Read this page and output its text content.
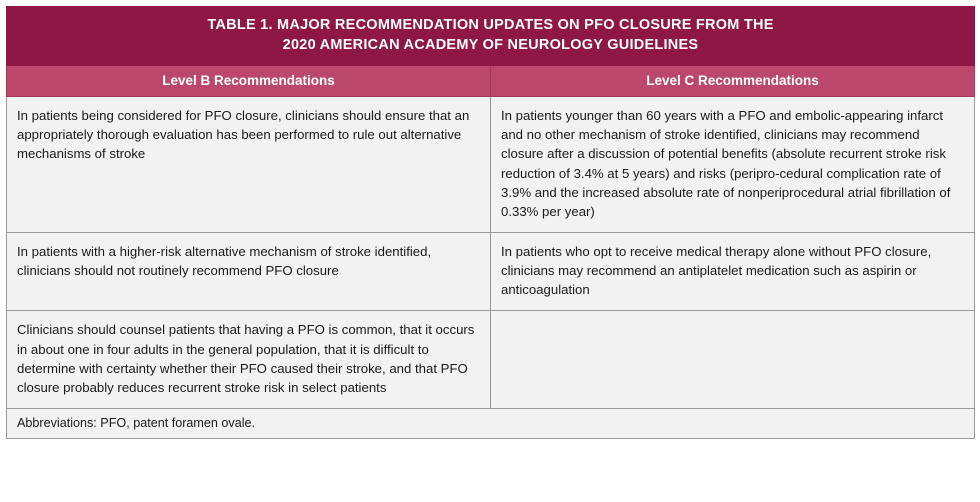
TABLE 1. MAJOR RECOMMENDATION UPDATES ON PFO CLOSURE FROM THE
2020 AMERICAN ACADEMY OF NEUROLOGY GUIDELINES	

Level B Recommendations	Level C Recommendations
In patients being considered for PFO closure, clinicians should ensure that an appropriately thorough evaluation has been performed to rule out alternative mechanisms of stroke	In patients younger than 60 years with a PFO and embolic-appearing infarct and no other mechanism of stroke identified, clinicians may recommend closure after a discussion of potential benefits (absolute recurrent stroke risk reduction of 3.4% at 5 years) and risks (peripro-cedural complication rate of 3.9% and the increased absolute rate of nonperiprocedural atrial fibrillation of 0.33% per year)
In patients with a higher-risk alternative mechanism of stroke identified, clinicians should not routinely recommend PFO closure	In patients who opt to receive medical therapy alone without PFO closure, clinicians may recommend an antiplatelet medication such as aspirin or anticoagulation
Clinicians should counsel patients that having a PFO is common, that it occurs in about one in four adults in the general population, that it is difficult to determine with certainty whether their PFO caused their stroke, and that PFO closure probably reduces recurrent stroke risk in select patients	
Abbreviations: PFO, patent foramen ovale.	
